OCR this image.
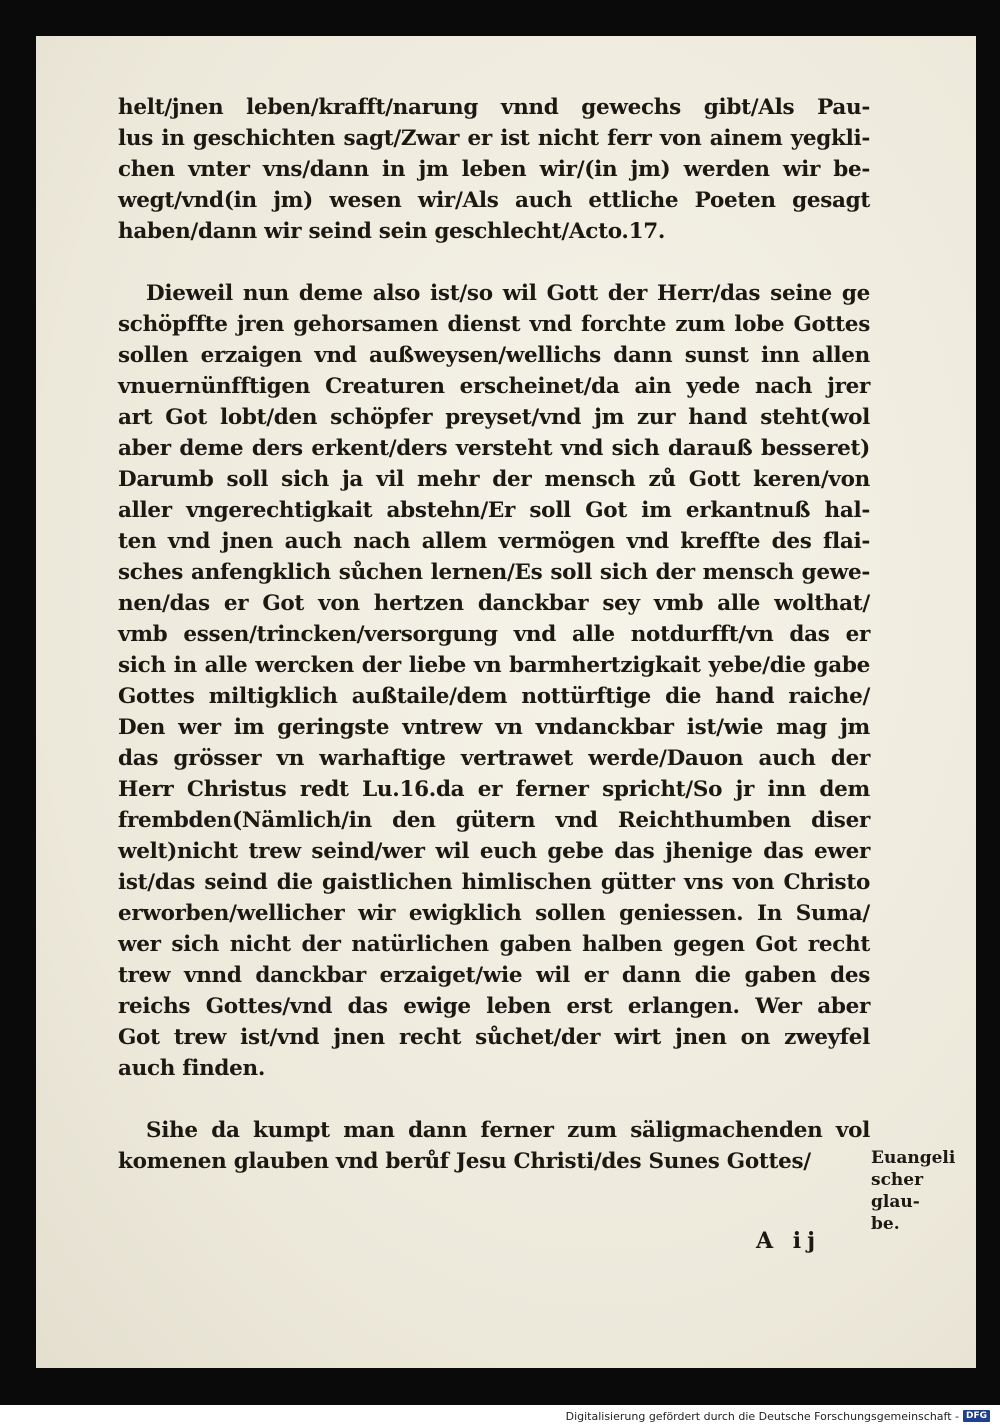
helt/jnen leben/krafft/narung vnnd gewechs gibt/Als Pau-
lus in geschichten sagt/Zwar er ist nicht ferr von ainem yegkli-
chen vnter vns/dann in jm leben wir/(in jm) werden wir be-
wegt/vnd(in jm) wesen wir/Als auch ettliche Poeten gesagt
haben/dann wir seind sein geschlecht/Acto.17.
Dieweil nun deme also ist/so wil Gott der Herr/das seine ge
schöpffte jren gehorsamen dienst vnd forchte zum lobe Gottes
sollen erzaigen vnd außweysen/wellichs dann sunst inn allen
vnuernünfftigen Creaturen erscheinet/da ain yede nach jrer
art Got lobt/den schöpfer preyset/vnd jm zur hand steht(wol
aber deme ders erkent/ders versteht vnd sich darauß besseret)
Darumb soll sich ja vil mehr der mensch zů Gott keren/von
aller vngerechtigkait abstehn/Er soll Got im erkantnuß hal-
ten vnd jnen auch nach allem vermögen vnd kreffte des flai-
sches anfengklich sůchen lernen/Es soll sich der mensch gewe-
nen/das er Got von hertzen danckbar sey vmb alle wolthat/
vmb essen/trincken/versorgung vnd alle notdurfft/vn das er
sich in alle wercken der liebe vn barmhertzigkait yebe/die gabe
Gottes miltigklich außtaile/dem nottürftige die hand raiche/
Den wer im geringste vntrew vn vndanckbar ist/wie mag jm
das grösser vn warhaftige vertrawet werde/Dauon auch der
Herr Christus redt Lu.16.da er ferner spricht/So jr inn dem
frembden(Nämlich/in den gütern vnd Reichthumben diser
welt)nicht trew seind/wer wil euch gebe das jhenige das ewer
ist/das seind die gaistlichen himlischen gütter vns von Christo
erworben/wellicher wir ewigklich sollen geniessen. In Suma/
wer sich nicht der natürlichen gaben halben gegen Got recht
trew vnnd danckbar erzaiget/wie wil er dann die gaben des
reichs Gottes/vnd das ewige leben erst erlangen. Wer aber
Got trew ist/vnd jnen recht sůchet/der wirt jnen on zweyfel
auch finden.
Sihe da kumpt man dann ferner zum säligmachenden vol
komenen glauben vnd berůf Jesu Christi/des Sunes Gottes/	Euangeli
scher glau-
be.
A ij
Digitalisierung gefördert durch die Deutsche Forschungsgemeinschaft - DFG
